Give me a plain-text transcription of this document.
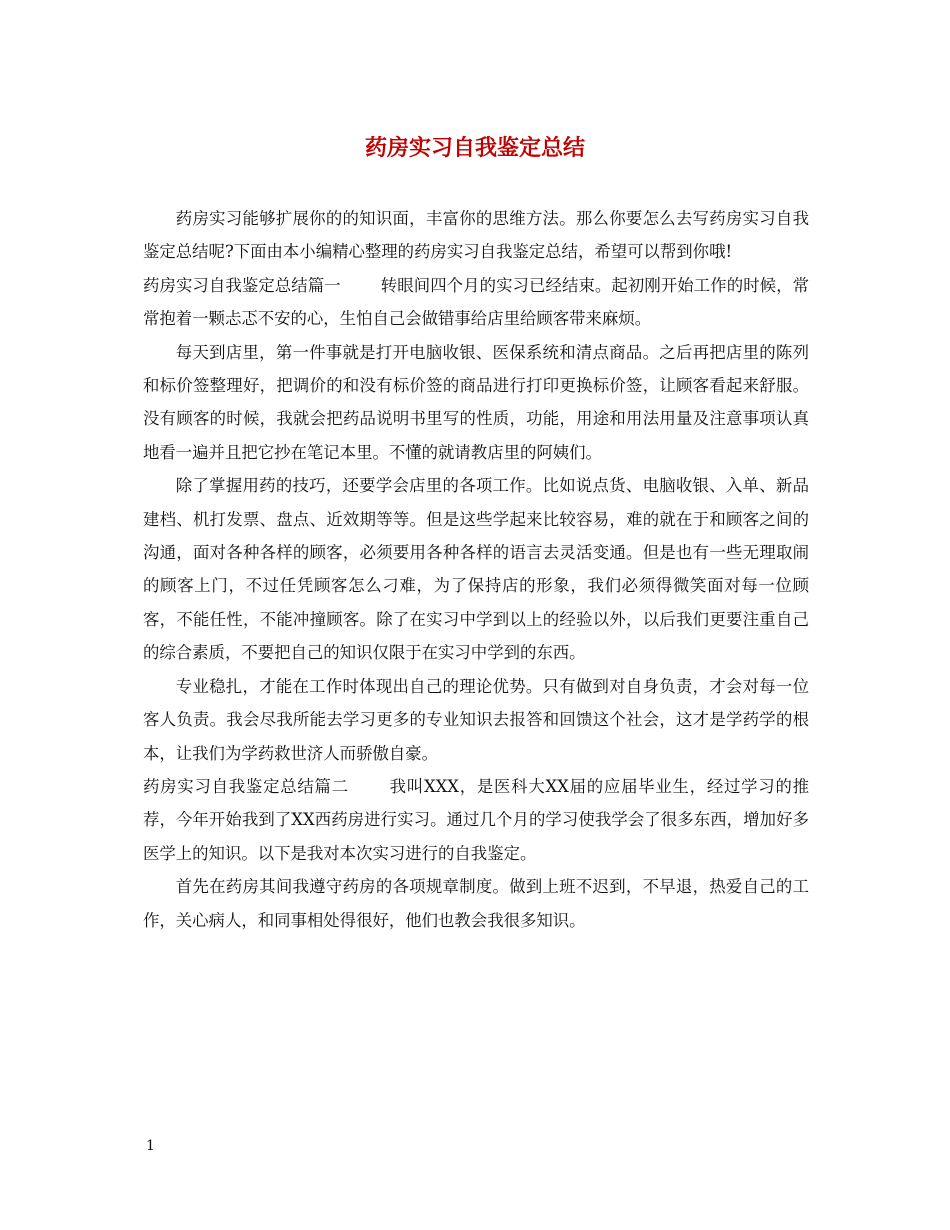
药房实习自我鉴定总结

药房实习能够扩展你的的知识面，丰富你的思维方法。那么你要怎么去写药房实习自我鉴定总结呢?下面由本小编精心整理的药房实习自我鉴定总结，希望可以帮到你哦!

药房实习自我鉴定总结篇一 转眼间四个月的实习已经结束。起初刚开始工作的时候，常常抱着一颗忐忑不安的心，生怕自己会做错事给店里给顾客带来麻烦。

每天到店里，第一件事就是打开电脑收银、医保系统和清点商品。之后再把店里的陈列和标价签整理好，把调价的和没有标价签的商品进行打印更换标价签，让顾客看起来舒服。没有顾客的时候，我就会把药品说明书里写的性质，功能，用途和用法用量及注意事项认真地看一遍并且把它抄在笔记本里。不懂的就请教店里的阿姨们。

除了掌握用药的技巧，还要学会店里的各项工作。比如说点货、电脑收银、入单、新品建档、机打发票、盘点、近效期等等。但是这些学起来比较容易，难的就在于和顾客之间的沟通，面对各种各样的顾客，必须要用各种各样的语言去灵活变通。但是也有一些无理取闹的顾客上门，不过任凭顾客怎么刁难，为了保持店的形象，我们必须得微笑面对每一位顾客，不能任性，不能冲撞顾客。除了在实习中学到以上的经验以外，以后我们更要注重自己的综合素质，不要把自己的知识仅限于在实习中学到的东西。

专业稳扎，才能在工作时体现出自己的理论优势。只有做到对自身负责，才会对每一位客人负责。我会尽我所能去学习更多的专业知识去报答和回馈这个社会，这才是学药学的根本，让我们为学药救世济人而骄傲自豪。

药房实习自我鉴定总结篇二 我叫XXX，是医科大XX届的应届毕业生，经过学习的推荐，今年开始我到了XX西药房进行实习。通过几个月的学习使我学会了很多东西，增加好多医学上的知识。以下是我对本次实习进行的自我鉴定。

首先在药房其间我遵守药房的各项规章制度。做到上班不迟到，不早退，热爱自己的工作，关心病人，和同事相处得很好，他们也教会我很多知识。

1
